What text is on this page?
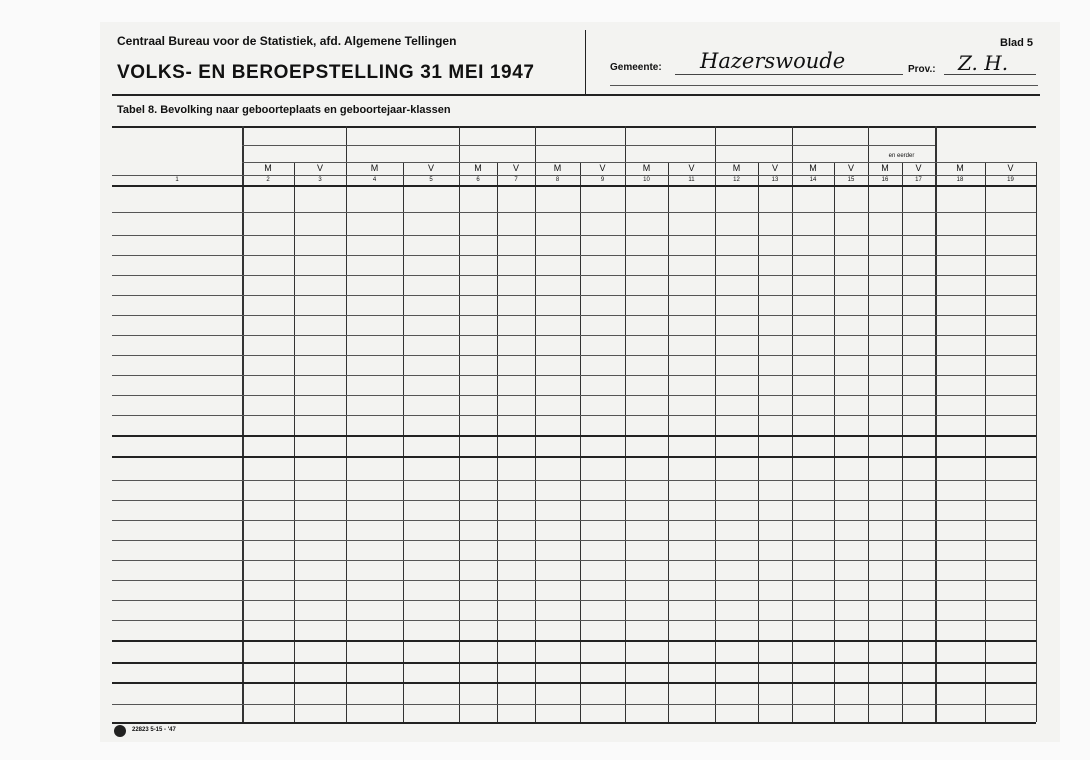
Centraal Bureau voor de Statistiek, afd. Algemene Tellingen
VOLKS- EN BEROEPSTELLING 31 MEI 1947
Blad 5
Gemeente: Hazerswoude	Prov.: Z. H.
Tabel 8. Bevolking naar geboorteplaats en geboortejaar-klassen
en eerder
M	V	M	V	M	V	M	V	M	V	M	V	M	V	M	V	M	V
1	2	3	4	5	6	7	8	9	10	11	12	13	14	15	16	17	18	19
22823 5-15 - '47
